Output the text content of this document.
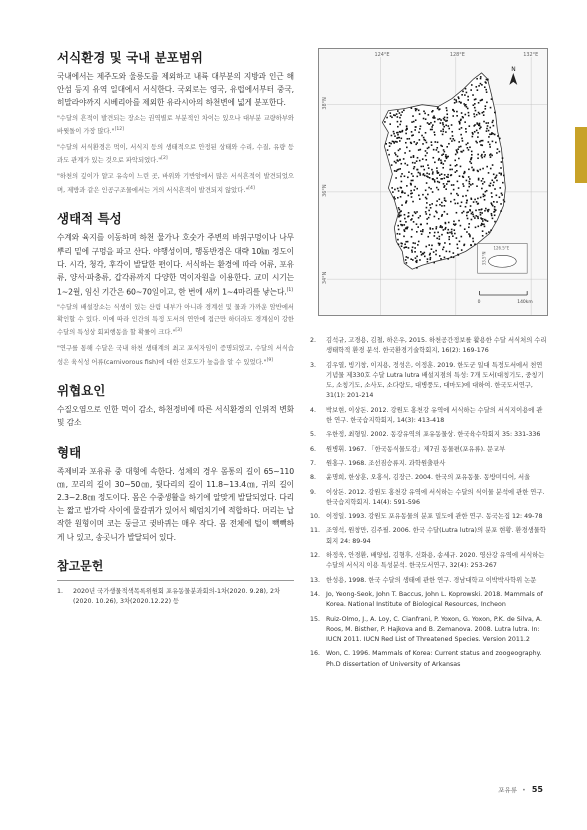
서식환경 및 국내 분포범위

국내에서는 제주도와 울릉도를 제외하고 내륙 대부분의 지방과 인근 해안섬 등지 유역 일대에서 서식한다. 국외로는 영국, 유럽에서부터 중국, 히말라야까지 시베리아를 제외한 유라시아의 하천변에 넓게 분포한다.

"수달의 흔적이 발견되는 장소는 권역별로 부분적인 차이는 있으나 대부분 교량하부와 바윗돌이 가장 많다."[12]

"수달의 서식환경은 먹이, 서식지 등의 생태적으로 안정된 상태와 수리, 수질, 유량 등과도 관계가 있는 것으로 파악되었다."[2]

"하천의 깊이가 얕고 유속이 느린 곳, 바위와 기반암에서 많은 서식흔적이 발견되었으며, 제방과 같은 인공구조물에서는 거의 서식흔적이 발견되지 않았다."[4]

생태적 특성

수계와 육지를 이동하며 하천 물가나 호숫가 주변의 바위구멍이나 나무뿌리 밑에 구멍을 파고 산다. 야행성이며, 행동반경은 대략 10㎞ 정도이다. 시각, 청각, 후각이 발달한 편이다. 서식하는 환경에 따라 어류, 포유류, 양서·파충류, 갑각류까지 다양한 먹이자원을 이용한다. 교미 시기는 1~2월, 임신 기간은 60~70일이고, 한 번에 새끼 1~4마리를 낳는다.[1]

"수달의 배설장소는 식생이 있는 산림 내부가 아니라 경계선 및 물과 가까운 암반에서 확인할 수 있다. 이에 따라 인간의 특정 도서의 연안에 접근만 하더라도 경계심이 강한 수달의 특성상 회피행동을 할 확률이 크다."[3]

"연구를 통해 수달은 국내 하천 생태계의 최고 포식자임이 증명되었고, 수달의 서식습성은 육식성 어류(carnivorous fish)에 대한 선호도가 높음을 알 수 있었다."[9]

위협요인

수질오염으로 인한 먹이 감소, 하천정비에 따른 서식환경의 인위적 변화 및 감소

형태

족제비과 포유류 중 대형에 속한다. 성체의 경우 몸통의 길이 65~110㎝, 꼬리의 길이 30~50㎝, 뒷다리의 길이 11.8~13.4㎝, 귀의 길이 2.3~2.8㎝ 정도이다. 몸은 수중생활을 하기에 알맞게 발달되었다. 다리는 짧고 발가락 사이에 물갈퀴가 있어서 헤엄치기에 적합하다. 머리는 납작한 원형이며 코는 둥글고 귓바퀴는 매우 작다. 몸 전체에 털이 빽빽하게 나 있고, 송곳니가 발달되어 있다.

참고문헌
1. 2020년 국가생물적색목록위원회 포유동물분과회의-1차(2020. 9.28), 2차(2020. 10.26), 3차(2020.12.22) 등
124°E	128°E	132°E
38°N
36°N
34°N
N
126.5°E
33.5°N
0	140km
2. 김석규, 고경용, 김철, 하은우, 2015. 하천공간정보를 활용한 수달 서식처의 수리 생태학적 환경 분석. 한국환경기술학회지, 16(2): 169-176
3. 김우열, 빙기창, 이지용, 정성은, 이정훈. 2019. 한도군 일대 특정도서에서 천연기념물 제330호 수달 Lutra lutra 배설지점의 특성: 7개 도서(대칭기도, 중칭기도, 소칭기도, 소사도, 소다랑도, 대병풍도, 대마도)에 대하여. 한국도서연구, 31(1): 201-214
4. 박보현, 이상돈. 2012. 강원도 홍천강 유역에 서식하는 수달의 서식지이용에 관한 연구. 한국습지학회지, 14(3): 413-418
5. 우한정, 최형일. 2002. 동강유역의 포유동물상. 한국육수학회지 35: 331-336
6. 원병휘. 1967. 「한국동식물도감」제7권 동물편(포유류). 문교부
7. 원홍구. 1968. 조선짐승류지. 과학원출판사
8. 윤명희, 한상훈, 오홍식, 김장근. 2004. 한국의 포유동물. 동방미디어, 서울
9. 이상돈. 2012. 강원도 홍천강 유역에 서식하는 수달의 식이물 분석에 관한 연구. 한국습지학회지. 14(4): 591-596
10. 이정일. 1993. 강원도 포유동물의 분포 밀도에 관한 연구. 동국논집 12: 49-78
11. 조영석, 원창만, 김주필. 2006. 한국 수달(Lutra lutra)의 분포 현황. 환경생물학회지 24: 89-94
12. 하정욱, 안경환, 배양섭, 김형후, 신화용, 송세규. 2020. 영산강 유역에 서식하는 수달의 서식지 이용 특성분석. 한국도서연구, 32(4): 253-267
13. 한성용, 1998. 한국 수달의 생태에 관한 연구. 경남대학교 이박박사학위 논문
14. Jo, Yeong-Seok, John T. Baccus, John L. Koprowski. 2018. Mammals of Korea. National Institute of Biological Resources, Incheon
15. Ruiz-Olmo, J., A. Loy, C. Cianfrani, P. Yoxon, G. Yoxon, P.K. de Silva, A. Roos, M. Bisther, P. Hajkova and B. Zemanova. 2008. Lutra lutra. In: IUCN 2011. IUCN Red List of Threatened Species. Version 2011.2
16. Won, C. 1996. Mammals of Korea: Current status and zoogeography. Ph.D dissertation of University of Arkansas
포유류 • 55
